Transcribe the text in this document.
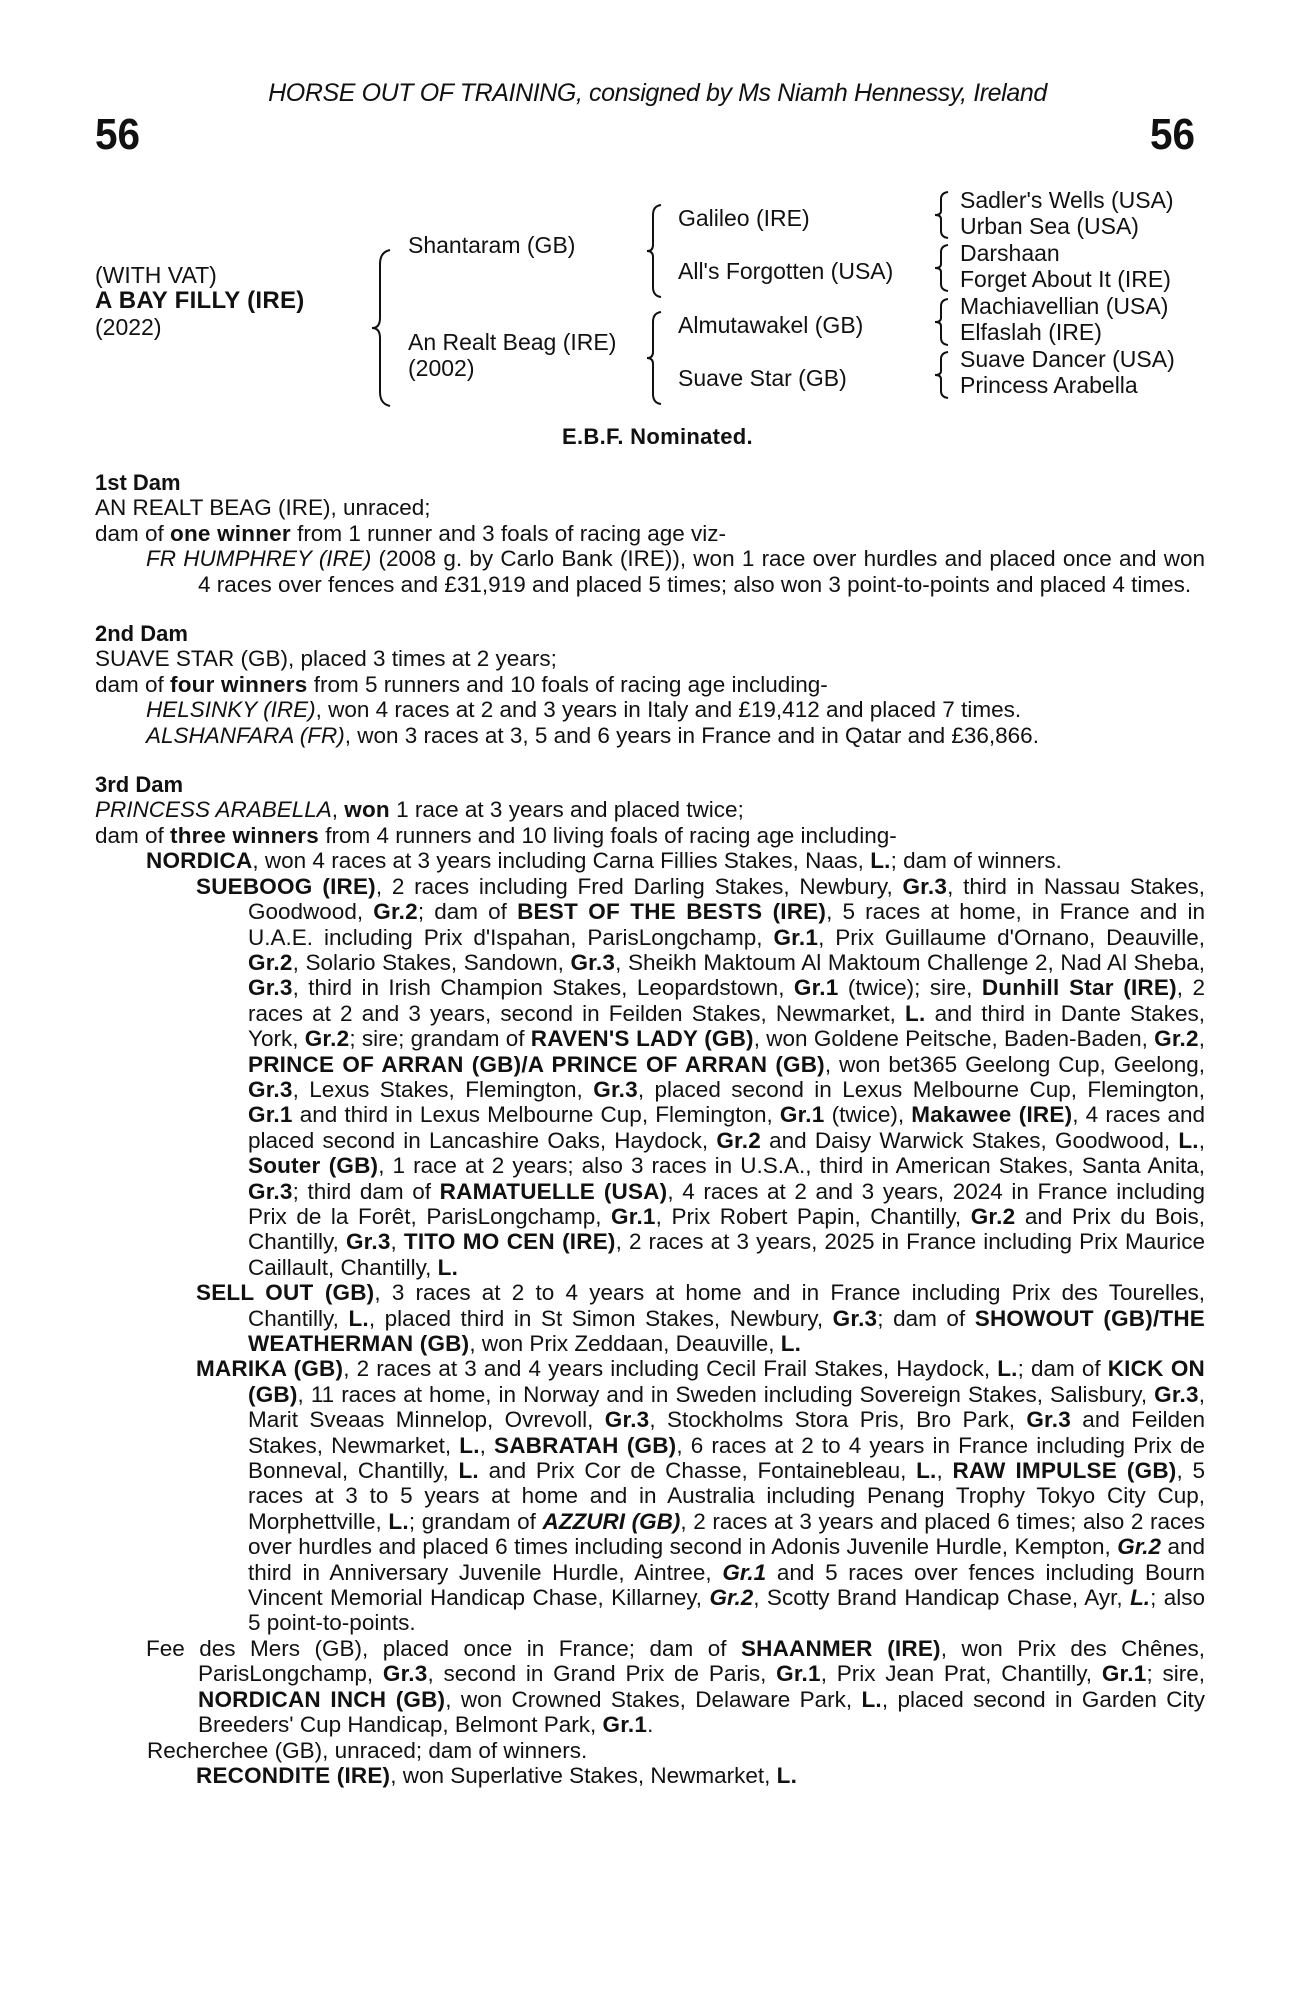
HORSE OUT OF TRAINING, consigned by Ms Niamh Hennessy, Ireland
56	56
(WITH VAT)
A BAY FILLY (IRE)
(2022)
Shantaram (GB)
An Realt Beag (IRE)
(2002)
Galileo (IRE)
All's Forgotten (USA)
Almutawakel (GB)
Suave Star (GB)
Sadler's Wells (USA)
Urban Sea (USA)
Darshaan
Forget About It (IRE)
Machiavellian (USA)
Elfaslah (IRE)
Suave Dancer (USA)
Princess Arabella
E.B.F. Nominated.

1st Dam

AN REALT BEAG (IRE), unraced;

dam of one winner from 1 runner and 3 foals of racing age viz-

FR HUMPHREY (IRE) (2008 g. by Carlo Bank (IRE)), won 1 race over hurdles and placed once and won 4 races over fences and £31,919 and placed 5 times; also won 3 point-to-points and placed 4 times.

2nd Dam

SUAVE STAR (GB), placed 3 times at 2 years;

dam of four winners from 5 runners and 10 foals of racing age including-

HELSINKY (IRE), won 4 races at 2 and 3 years in Italy and £19,412 and placed 7 times.

ALSHANFARA (FR), won 3 races at 3, 5 and 6 years in France and in Qatar and £36,866.

3rd Dam

PRINCESS ARABELLA, won 1 race at 3 years and placed twice;

dam of three winners from 4 runners and 10 living foals of racing age including-

NORDICA, won 4 races at 3 years including Carna Fillies Stakes, Naas, L.; dam of winners.

SUEBOOG (IRE), 2 races including Fred Darling Stakes, Newbury, Gr.3, third in Nassau Stakes, Goodwood, Gr.2; dam of BEST OF THE BESTS (IRE), 5 races at home, in France and in U.A.E. including Prix d'Ispahan, ParisLongchamp, Gr.1, Prix Guillaume d'Ornano, Deauville, Gr.2, Solario Stakes, Sandown, Gr.3, Sheikh Maktoum Al Maktoum Challenge 2, Nad Al Sheba, Gr.3, third in Irish Champion Stakes, Leopardstown, Gr.1 (twice); sire, Dunhill Star (IRE), 2 races at 2 and 3 years, second in Feilden Stakes, Newmarket, L. and third in Dante Stakes, York, Gr.2; sire; grandam of RAVEN'S LADY (GB), won Goldene Peitsche, Baden-Baden, Gr.2, PRINCE OF ARRAN (GB)/A PRINCE OF ARRAN (GB), won bet365 Geelong Cup, Geelong, Gr.3, Lexus Stakes, Flemington, Gr.3, placed second in Lexus Melbourne Cup, Flemington, Gr.1 and third in Lexus Melbourne Cup, Flemington, Gr.1 (twice), Makawee (IRE), 4 races and placed second in Lancashire Oaks, Haydock, Gr.2 and Daisy Warwick Stakes, Goodwood, L., Souter (GB), 1 race at 2 years; also 3 races in U.S.A., third in American Stakes, Santa Anita, Gr.3; third dam of RAMATUELLE (USA), 4 races at 2 and 3 years, 2024 in France including Prix de la Forêt, ParisLongchamp, Gr.1, Prix Robert Papin, Chantilly, Gr.2 and Prix du Bois, Chantilly, Gr.3, TITO MO CEN (IRE), 2 races at 3 years, 2025 in France including Prix Maurice Caillault, Chantilly, L.

SELL OUT (GB), 3 races at 2 to 4 years at home and in France including Prix des Tourelles, Chantilly, L., placed third in St Simon Stakes, Newbury, Gr.3; dam of SHOWOUT (GB)/THE WEATHERMAN (GB), won Prix Zeddaan, Deauville, L.

MARIKA (GB), 2 races at 3 and 4 years including Cecil Frail Stakes, Haydock, L.; dam of KICK ON (GB), 11 races at home, in Norway and in Sweden including Sovereign Stakes, Salisbury, Gr.3, Marit Sveaas Minnelop, Ovrevoll, Gr.3, Stockholms Stora Pris, Bro Park, Gr.3 and Feilden Stakes, Newmarket, L., SABRATAH (GB), 6 races at 2 to 4 years in France including Prix de Bonneval, Chantilly, L. and Prix Cor de Chasse, Fontainebleau, L., RAW IMPULSE (GB), 5 races at 3 to 5 years at home and in Australia including Penang Trophy Tokyo City Cup, Morphettville, L.; grandam of AZZURI (GB), 2 races at 3 years and placed 6 times; also 2 races over hurdles and placed 6 times including second in Adonis Juvenile Hurdle, Kempton, Gr.2 and third in Anniversary Juvenile Hurdle, Aintree, Gr.1 and 5 races over fences including Bourn Vincent Memorial Handicap Chase, Killarney, Gr.2, Scotty Brand Handicap Chase, Ayr, L.; also 5 point-to-points.

Fee des Mers (GB), placed once in France; dam of SHAANMER (IRE), won Prix des Chênes, ParisLongchamp, Gr.3, second in Grand Prix de Paris, Gr.1, Prix Jean Prat, Chantilly, Gr.1; sire, NORDICAN INCH (GB), won Crowned Stakes, Delaware Park, L., placed second in Garden City Breeders' Cup Handicap, Belmont Park, Gr.1.

Recherchee (GB), unraced; dam of winners.

RECONDITE (IRE), won Superlative Stakes, Newmarket, L.
